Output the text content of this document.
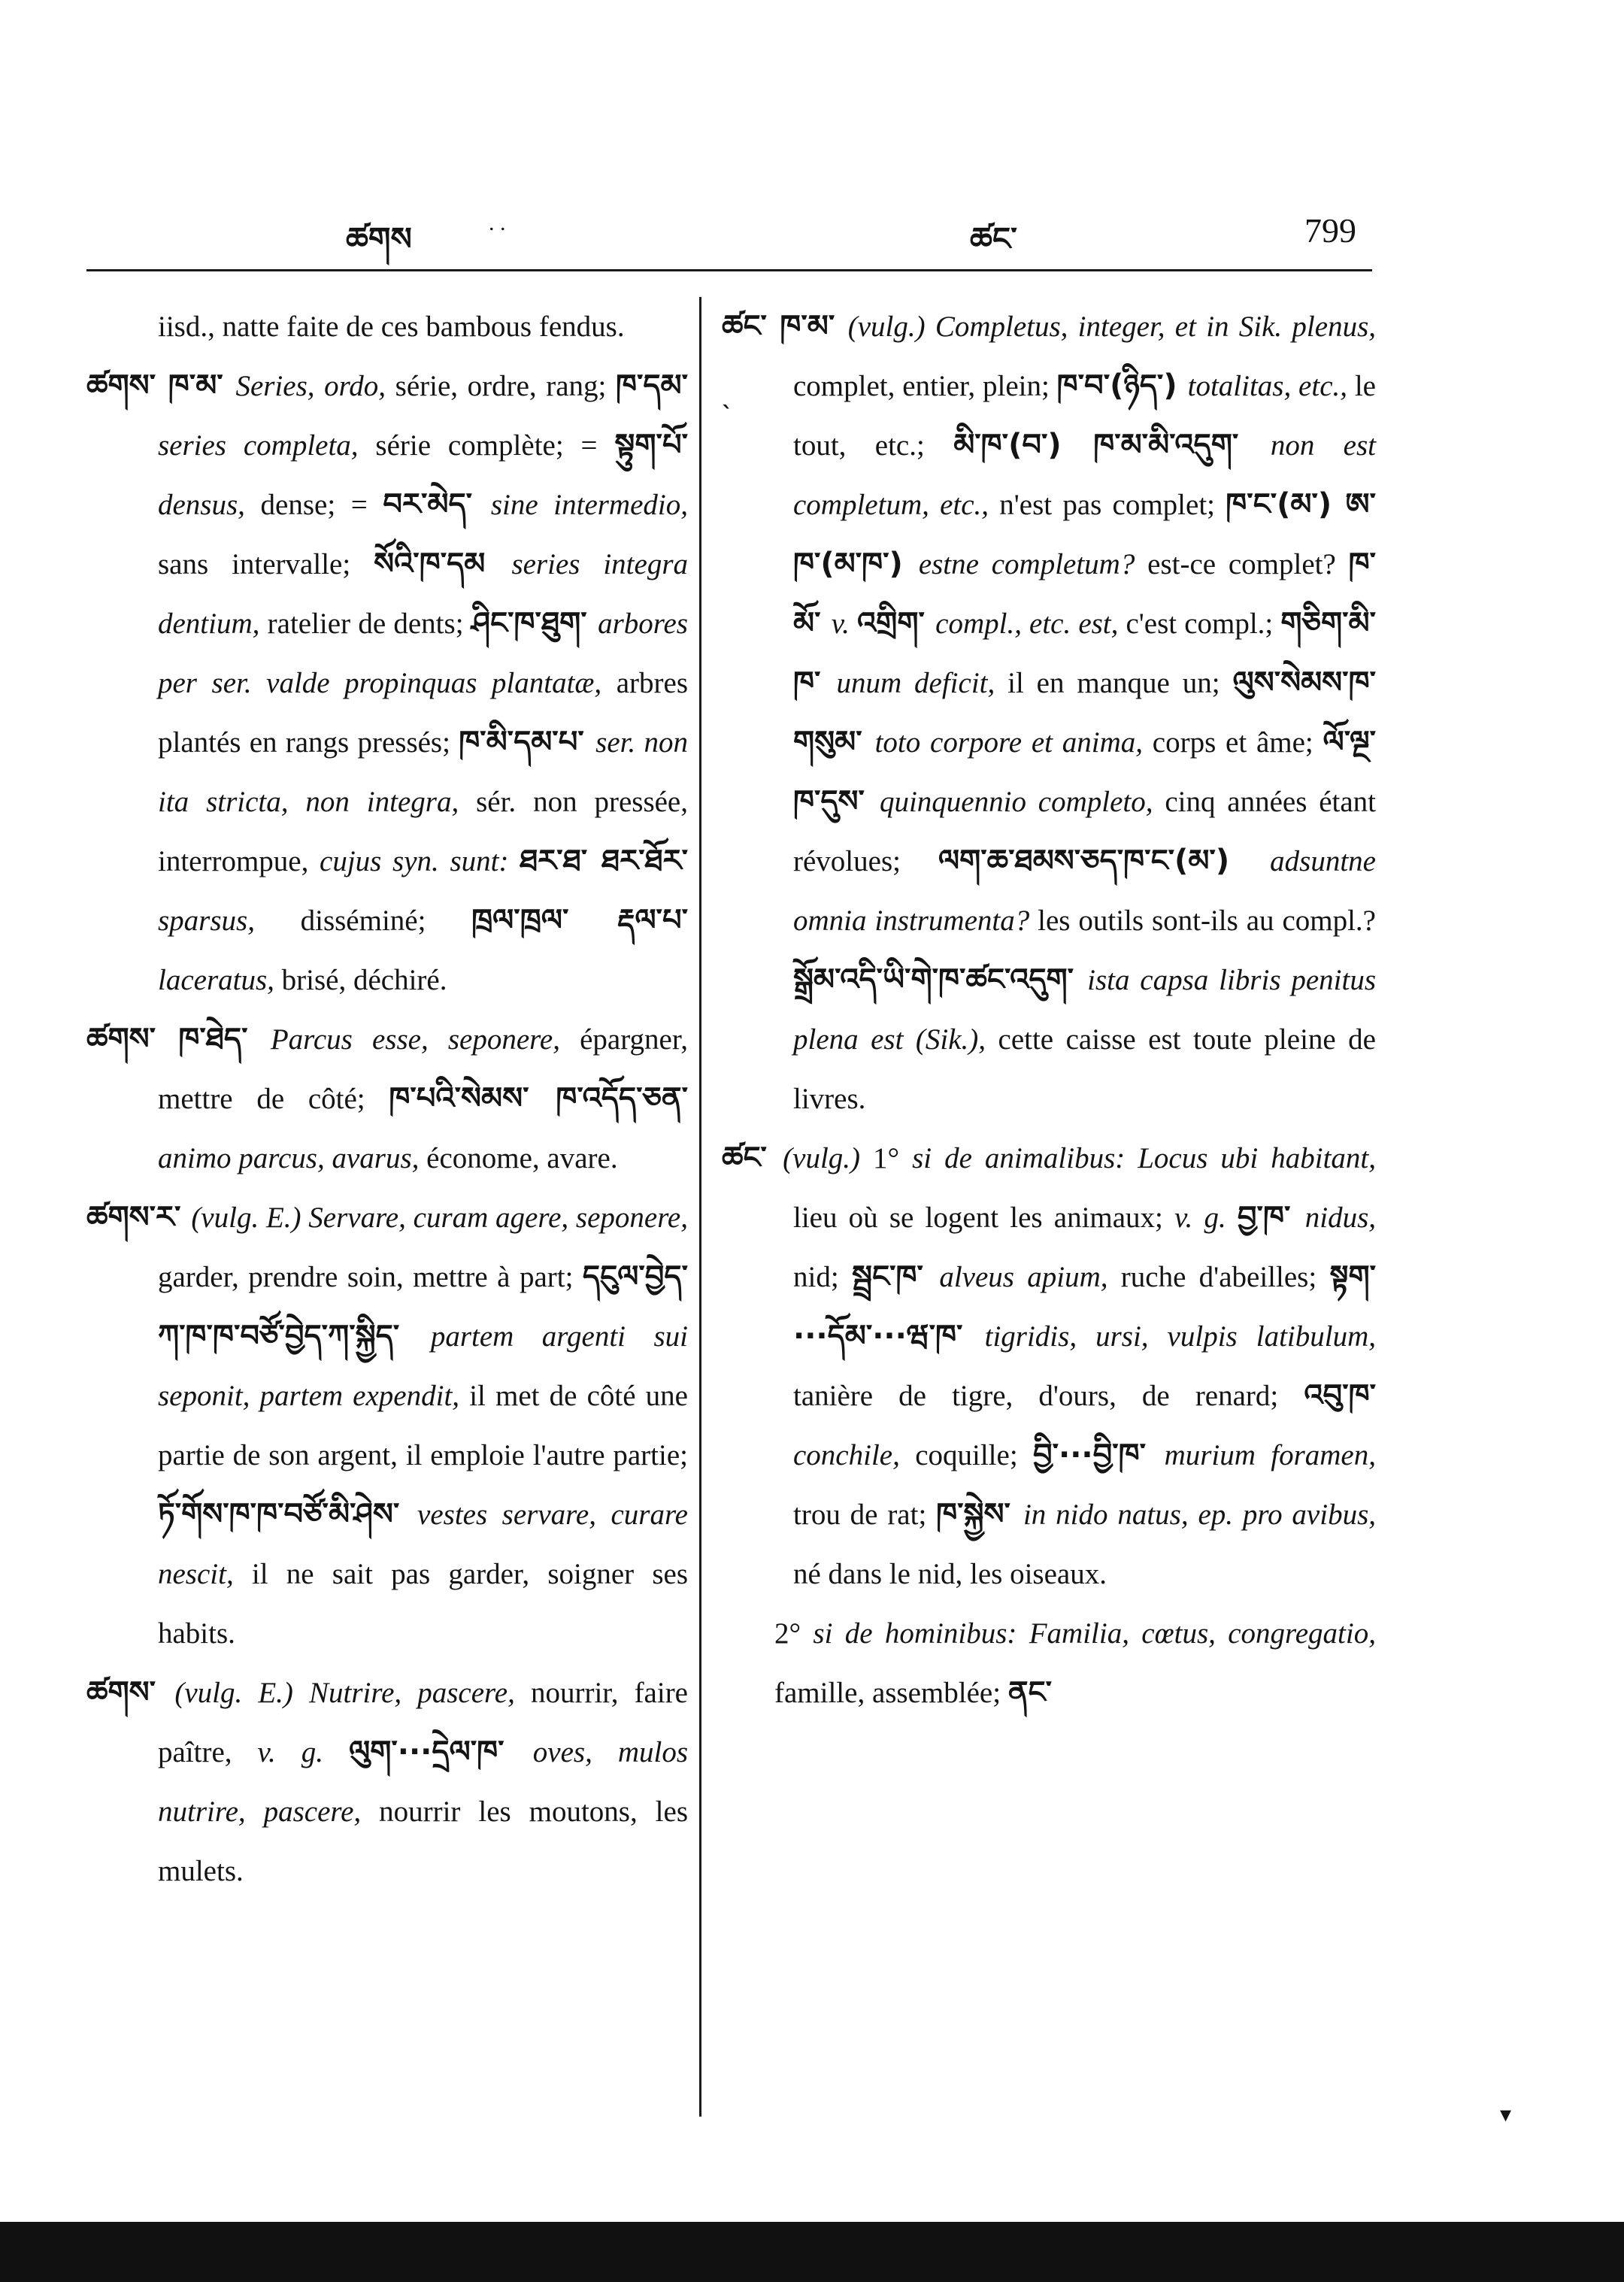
ཚགས	. .	ཚང་	799

iisd., natte faite de ces bambous fendus.

ཚགས་ ཁ་མ་ Series, ordo, série, ordre, rang; ཁ་དམ་ series completa, série complète; = སྟུག་པོ་ densus, dense; = བར་མེད་ sine intermedio, sans intervalle; སོའི་ཁ་དམ series integra dentium, ratelier de dents; ཤིང་ཁ་ཐུག་ arbores per ser. valde propinquas plantatæ, arbres plantés en rangs pressés; ཁ་མི་དམ་པ་ ser. non ita stricta, non integra, sér. non pressée, interrompue, cujus syn. sunt: ཐར་ཐ་ ཐར་ཐོར་ sparsus, disséminé; ཁྲལ་ཁྲལ་ རྡལ་པ་ laceratus, brisé, déchiré.

ཚགས་ ཁ་ཐེད་ Parcus esse, seponere, épargner, mettre de côté; ཁ་པའི་སེམས་ ཁ་འདོད་ཅན་ animo parcus, avarus, économe, avare.

ཚགས་ར་ (vulg. E.) Servare, curam agere, seponere, garder, prendre soin, mettre à part; དངུལ་བྱེད་ཀ་ཁ་ཁ་བཙོ་བྱེད་ཀ་སྐྱིད་ partem argenti sui seponit, partem expendit, il met de côté une partie de son argent, il emploie l'autre partie; ཏོ་གོས་ཁ་ཁ་བཙོ་མི་ཤེས་ vestes servare, curare nescit, il ne sait pas garder, soigner ses habits.

ཚགས་ (vulg. E.) Nutrire, pascere, nourrir, faire paître, v. g. ལུག་···དྲེལ་ཁ་ oves, mulos nutrire, pascere, nourrir les moutons, les mulets.

ཚང་ ཁ་མ་ (vulg.) Completus, integer, et in Sik. plenus, complet, entier, plein; ཁ་བ་(ཉིད་) totalitas, etc., le tout, etc.; མི་ཁ་(བ་) ཁ་མ་མི་འདུག་ non est completum, etc., n'est pas complet; ཁ་ང་(མ་) ཨ་ཁ་(མ་ཁ་) estne completum? est-ce complet? ཁ་མོ་ v. འགྲིག་ compl., etc. est, c'est compl.; གཅིག་མི་ཁ་ unum deficit, il en manque un; ལུས་སེམས་ཁ་གསུམ་ toto corpore et anima, corps et âme; ལོ་ལྔ་ཁ་དུས་ quinquennio completo, cinq années étant révolues; ལག་ཆ་ཐམས་ཅད་ཁ་ང་(མ་) adsuntne omnia instrumenta? les outils sont-ils au compl.? སྒྲོམ་འདི་ཡི་གེ་ཁ་ཚང་འདུག་ ista capsa libris penitus plena est (Sik.), cette caisse est toute pleine de livres.

ཚང་ (vulg.) 1° si de animalibus: Locus ubi habitant, lieu où se logent les animaux; v. g. བྱ་ཁ་ nidus, nid; སྦྲང་ཁ་ alveus apium, ruche d'abeilles; སྟག་···དོམ་···ཝ་ཁ་ tigridis, ursi, vulpis latibulum, tanière de tigre, d'ours, de renard; འབུ་ཁ་ conchile, coquille; བྱི་···བྱི་ཁ་ murium foramen, trou de rat; ཁ་སྐྱེས་ in nido natus, ep. pro avibus, né dans le nid, les oiseaux.

2° si de hominibus: Familia, cœtus, congregatio, famille, assemblée; ནང་

ˋ
▾
